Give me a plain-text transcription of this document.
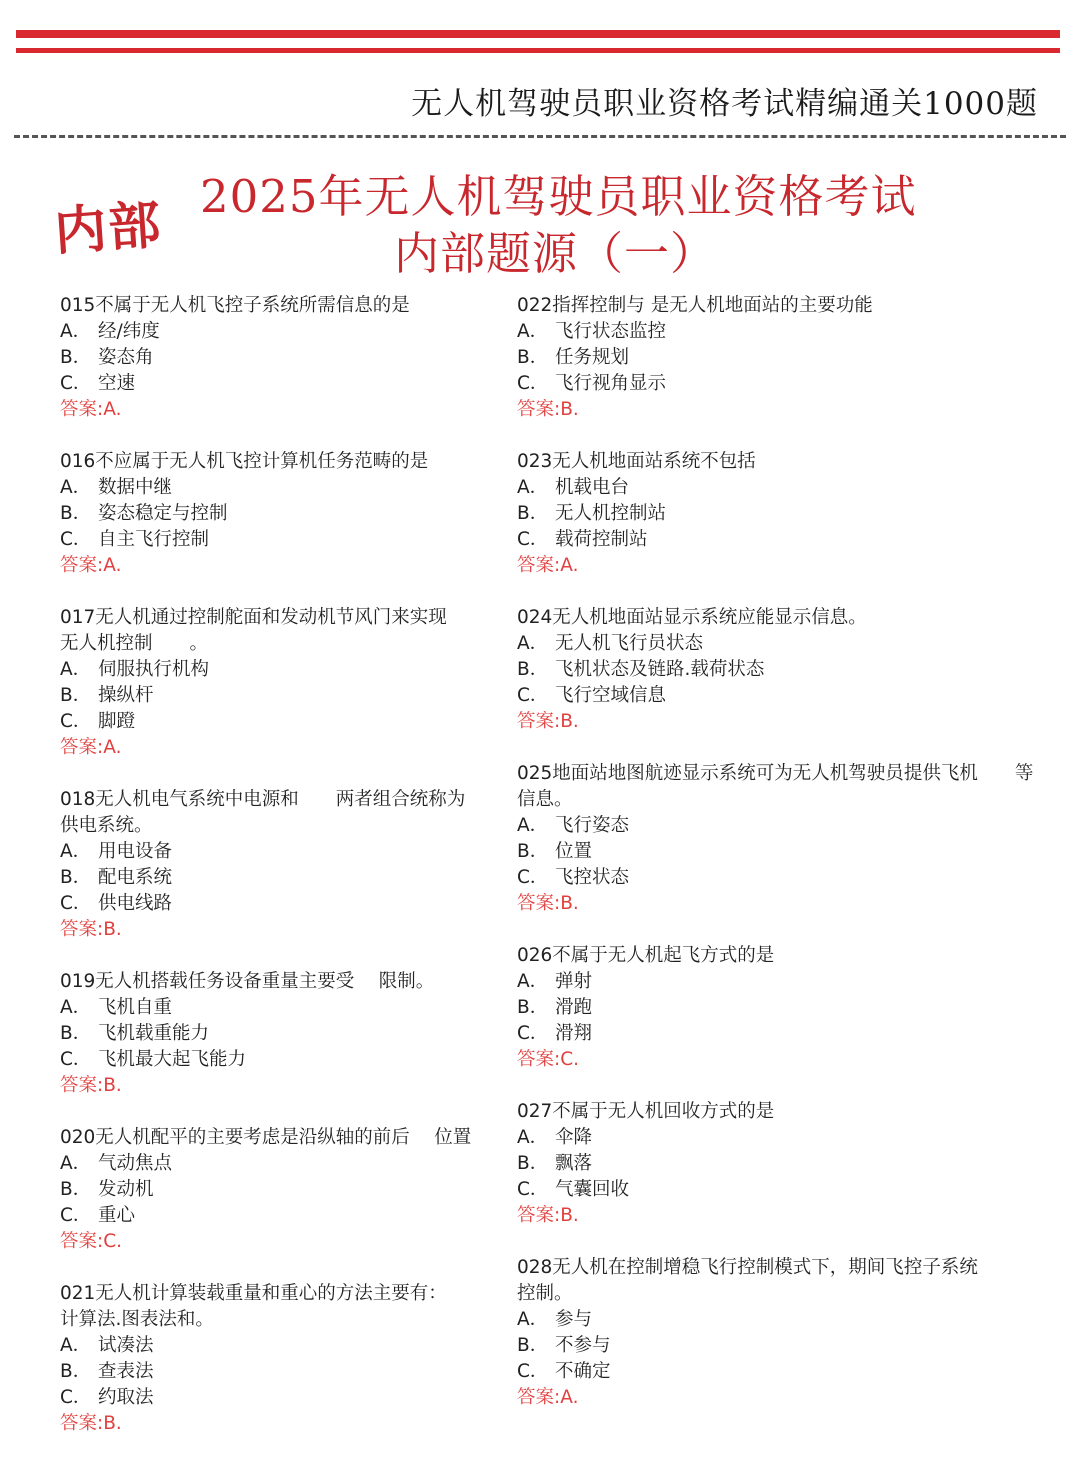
无人机驾驶员职业资格考试精编通关1000题
内部 2025年无人机驾驶员职业资格考试
内部题源（一）
015不属于无人机飞控子系统所需信息的是
A． 经/纬度
B． 姿态角
C． 空速
答案:A.
016不应属于无人机飞控计算机任务范畴的是
A． 数据中继
B． 姿态稳定与控制
C． 自主飞行控制
答案:A.
017无人机通过控制舵面和发动机节风门来实现
无人机控制　　。
A． 伺服执行机构
B． 操纵杆
C． 脚蹬
答案:A.
018无人机电气系统中电源和　　两者组合统称为
供电系统。
A． 用电设备
B． 配电系统
C． 供电线路
答案:B.
019无人机搭载任务设备重量主要受　 限制。
A． 飞机自重
B． 飞机载重能力
C． 飞机最大起飞能力
答案:B.
020无人机配平的主要考虑是沿纵轴的前后　 位置
A． 气动焦点
B． 发动机
C． 重心
答案:C.
021无人机计算装载重量和重心的方法主要有：
计算法.图表法和。
A． 试凑法
B． 查表法
C． 约取法
答案:B.
022指挥控制与 是无人机地面站的主要功能
A． 飞行状态监控
B． 任务规划
C． 飞行视角显示
答案:B.
023无人机地面站系统不包括
A． 机载电台
B． 无人机控制站
C． 载荷控制站
答案:A.
024无人机地面站显示系统应能显示信息。
A． 无人机飞行员状态
B． 飞机状态及链路.载荷状态
C． 飞行空域信息
答案:B.
025地面站地图航迹显示系统可为无人机驾驶员提供飞机　　等
信息。
A． 飞行姿态
B． 位置
C． 飞控状态
答案:B.
026不属于无人机起飞方式的是
A． 弹射
B． 滑跑
C． 滑翔
答案:C.
027不属于无人机回收方式的是
A． 伞降
B． 飘落
C． 气囊回收
答案:B.
028无人机在控制增稳飞行控制模式下，期间飞控子系统
控制。
A． 参与
B． 不参与
C． 不确定
答案:A.
